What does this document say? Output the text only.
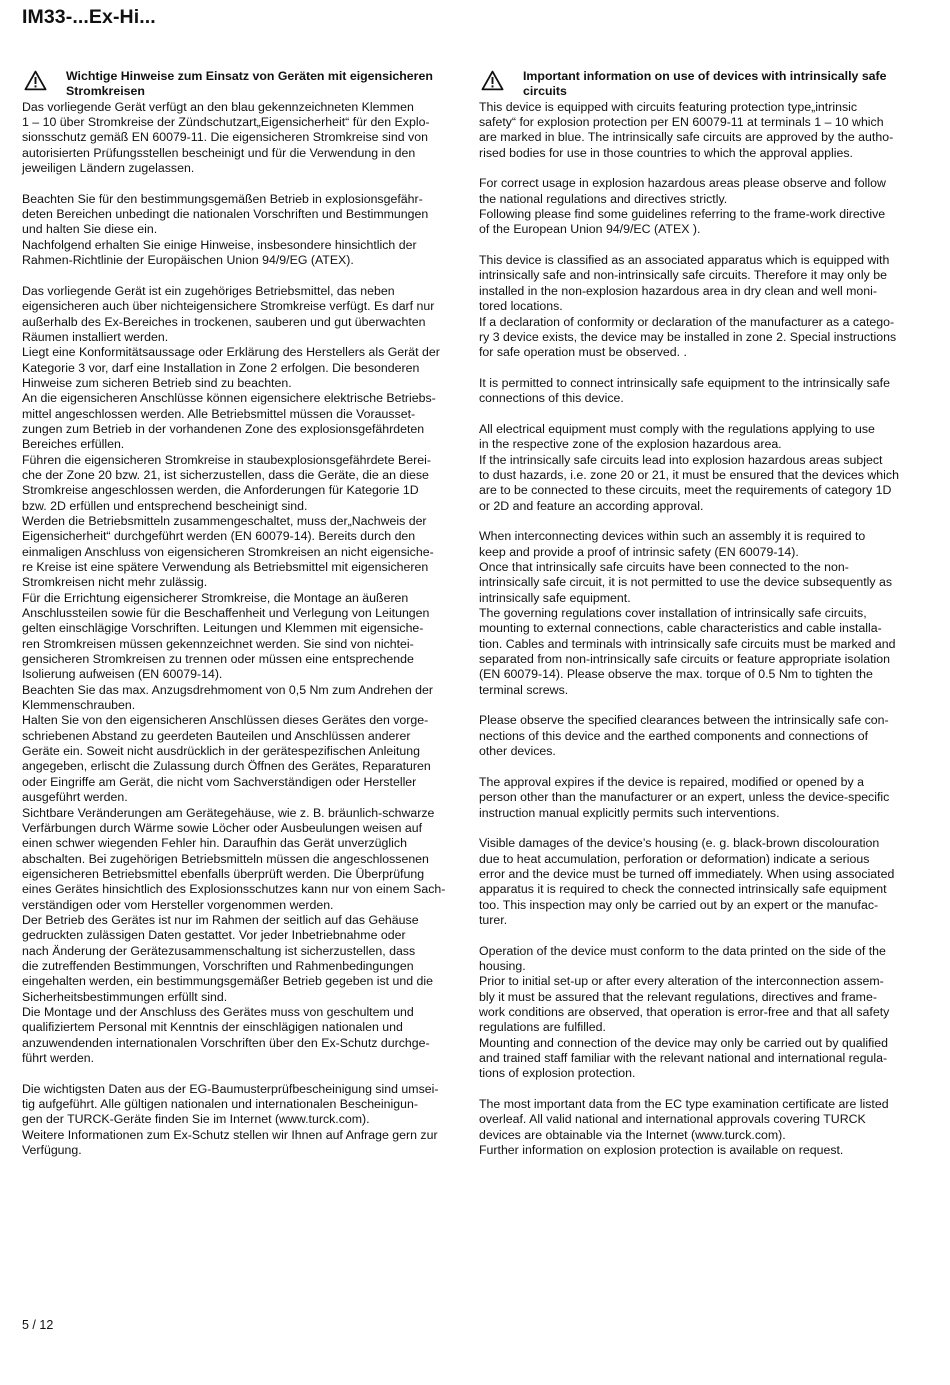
IM33-...Ex-Hi...
Wichtige Hinweise zum Einsatz von Geräten mit eigensicheren
Stromkreisen
Das vorliegende Gerät verfügt an den blau gekennzeichneten Klemmen
1 – 10 über Stromkreise der Zündschutzart„Eigensicherheit“ für den Explo-
sionsschutz gemäß EN 60079-11. Die eigensicheren Stromkreise sind von
autorisierten Prüfungsstellen bescheinigt und für die Verwendung in den
jeweiligen Ländern zugelassen.
Beachten Sie für den bestimmungsgemäßen Betrieb in explosionsgefähr-
deten Bereichen unbedingt die nationalen Vorschriften und Bestimmungen
und halten Sie diese ein.
Nachfolgend erhalten Sie einige Hinweise, insbesondere hinsichtlich der
Rahmen-Richtlinie der Europäischen Union 94/9/EG (ATEX).
Das vorliegende Gerät ist ein zugehöriges Betriebsmittel, das neben
eigensicheren auch über nichteigensichere Stromkreise verfügt. Es darf nur
außerhalb des Ex-Bereiches in trockenen, sauberen und gut überwachten
Räumen installiert werden.
Liegt eine Konformitätsaussage oder Erklärung des Herstellers als Gerät der
Kategorie 3 vor, darf eine Installation in Zone 2 erfolgen. Die besonderen
Hinweise zum sicheren Betrieb sind zu beachten.
An die eigensicheren Anschlüsse können eigensichere elektrische Betriebs-
mittel angeschlossen werden. Alle Betriebsmittel müssen die Vorausset-
zungen zum Betrieb in der vorhandenen Zone des explosionsgefährdeten
Bereiches erfüllen.
Führen die eigensicheren Stromkreise in staubexplosionsgefährdete Berei-
che der Zone 20 bzw. 21, ist sicherzustellen, dass die Geräte, die an diese
Stromkreise angeschlossen werden, die Anforderungen für Kategorie 1D
bzw. 2D erfüllen und entsprechend bescheinigt sind.
Werden die Betriebsmitteln zusammengeschaltet, muss der„Nachweis der
Eigensicherheit“ durchgeführt werden (EN 60079-14). Bereits durch den
einmaligen Anschluss von eigensicheren Stromkreisen an nicht eigensiche-
re Kreise ist eine spätere Verwendung als Betriebsmittel mit eigensicheren
Stromkreisen nicht mehr zulässig.
Für die Errichtung eigensicherer Stromkreise, die Montage an äußeren
Anschlussteilen sowie für die Beschaffenheit und Verlegung von Leitungen
gelten einschlägige Vorschriften. Leitungen und Klemmen mit eigensiche-
ren Stromkreisen müssen gekennzeichnet werden. Sie sind von nichtei-
gensicheren Stromkreisen zu trennen oder müssen eine entsprechende
Isolierung aufweisen (EN 60079-14).
Beachten Sie das max. Anzugsdrehmoment von 0,5 Nm zum Andrehen der
Klemmenschrauben.
Halten Sie von den eigensicheren Anschlüssen dieses Gerätes den vorge-
schriebenen Abstand zu geerdeten Bauteilen und Anschlüssen anderer
Geräte ein. Soweit nicht ausdrücklich in der gerätespezifischen Anleitung
angegeben, erlischt die Zulassung durch Öffnen des Gerätes, Reparaturen
oder Eingriffe am Gerät, die nicht vom Sachverständigen oder Hersteller
ausgeführt werden.
Sichtbare Veränderungen am Gerätegehäuse, wie z. B. bräunlich-schwarze
Verfärbungen durch Wärme sowie Löcher oder Ausbeulungen weisen auf
einen schwer wiegenden Fehler hin. Daraufhin das Gerät unverzüglich
abschalten. Bei zugehörigen Betriebsmitteln müssen die angeschlossenen
eigensicheren Betriebsmittel ebenfalls überprüft werden. Die Überprüfung
eines Gerätes hinsichtlich des Explosionsschutzes kann nur von einem Sach-
verständigen oder vom Hersteller vorgenommen werden.
Der Betrieb des Gerätes ist nur im Rahmen der seitlich auf das Gehäuse
gedruckten zulässigen Daten gestattet. Vor jeder Inbetriebnahme oder
nach Änderung der Gerätezusammenschaltung ist sicherzustellen, dass
die zutreffenden Bestimmungen, Vorschriften und Rahmenbedingungen
eingehalten werden, ein bestimmungsgemäßer Betrieb gegeben ist und die
Sicherheitsbestimmungen erfüllt sind.
Die Montage und der Anschluss des Gerätes muss von geschultem und
qualifiziertem Personal mit Kenntnis der einschlägigen nationalen und
anzuwendenden internationalen Vorschriften über den Ex-Schutz durchge-
führt werden.
Die wichtigsten Daten aus der EG-Baumusterprüfbescheinigung sind umsei-
tig aufgeführt. Alle gültigen nationalen und internationalen Bescheinigun-
gen der TURCK-Geräte finden Sie im Internet (www.turck.com).
Weitere Informationen zum Ex-Schutz stellen wir Ihnen auf Anfrage gern zur
Verfügung.
Important information on use of devices with intrinsically safe
circuits
This device is equipped with circuits featuring protection type„intrinsic
safety“ for explosion protection per EN 60079-11 at terminals 1 – 10 which
are marked in blue. The intrinsically safe circuits are approved by the autho-
rised bodies for use in those countries to which the approval applies.
For correct usage in explosion hazardous areas please observe and follow
the national regulations and directives strictly.
Following please find some guidelines referring to the frame-work directive
of the European Union 94/9/EC (ATEX ).
This device is classified as an associated apparatus which is equipped with
intrinsically safe and non-intrinsically safe circuits. Therefore it may only be
installed in the non-explosion hazardous area in dry clean and well moni-
tored locations.
If a declaration of conformity or declaration of the manufacturer as a catego-
ry 3 device exists, the device may be installed in zone 2. Special instructions
for safe operation must be observed. .
It is permitted to connect intrinsically safe equipment to the intrinsically safe
connections of this device.
All electrical equipment must comply with the regulations applying to use
in the respective zone of the explosion hazardous area.
If the intrinsically safe circuits lead into explosion hazardous areas subject
to dust hazards, i.e. zone 20 or 21, it must be ensured that the devices which
are to be connected to these circuits, meet the requirements of category 1D
or 2D and feature an according approval.
When interconnecting devices within such an assembly it is required to
keep and provide a proof of intrinsic safety (EN 60079-14).
Once that intrinsically safe circuits have been connected to the non-
intrinsically safe circuit, it is not permitted to use the device subsequently as
intrinsically safe equipment.
The governing regulations cover installation of intrinsically safe circuits,
mounting to external connections, cable characteristics and cable installa-
tion. Cables and terminals with intrinsically safe circuits must be marked and
separated from non-intrinsically safe circuits or feature appropriate isolation
(EN 60079-14). Please observe the max. torque of 0.5 Nm to tighten the
terminal screws.
Please observe the specified clearances between the intrinsically safe con-
nections of this device and the earthed components and connections of
other devices.
The approval expires if the device is repaired, modified or opened by a
person other than the manufacturer or an expert, unless the device-specific
instruction manual explicitly permits such interventions.
Visible damages of the device’s housing (e. g. black-brown discolouration
due to heat accumulation, perforation or deformation) indicate a serious
error and the device must be turned off immediately. When using associated
apparatus it is required to check the connected intrinsically safe equipment
too. This inspection may only be carried out by an expert or the manufac-
turer.
Operation of the device must conform to the data printed on the side of the
housing.
Prior to initial set-up or after every alteration of the interconnection assem-
bly it must be assured that the relevant regulations, directives and frame-
work conditions are observed, that operation is error-free and that all safety
regulations are fulfilled.
Mounting and connection of the device may only be carried out by qualified
and trained staff familiar with the relevant national and international regula-
tions of explosion protection.
The most important data from the EC type examination certificate are listed
overleaf. All valid national and international approvals covering TURCK
devices are obtainable via the Internet (www.turck.com).
Further information on explosion protection is available on request.
5 / 12
